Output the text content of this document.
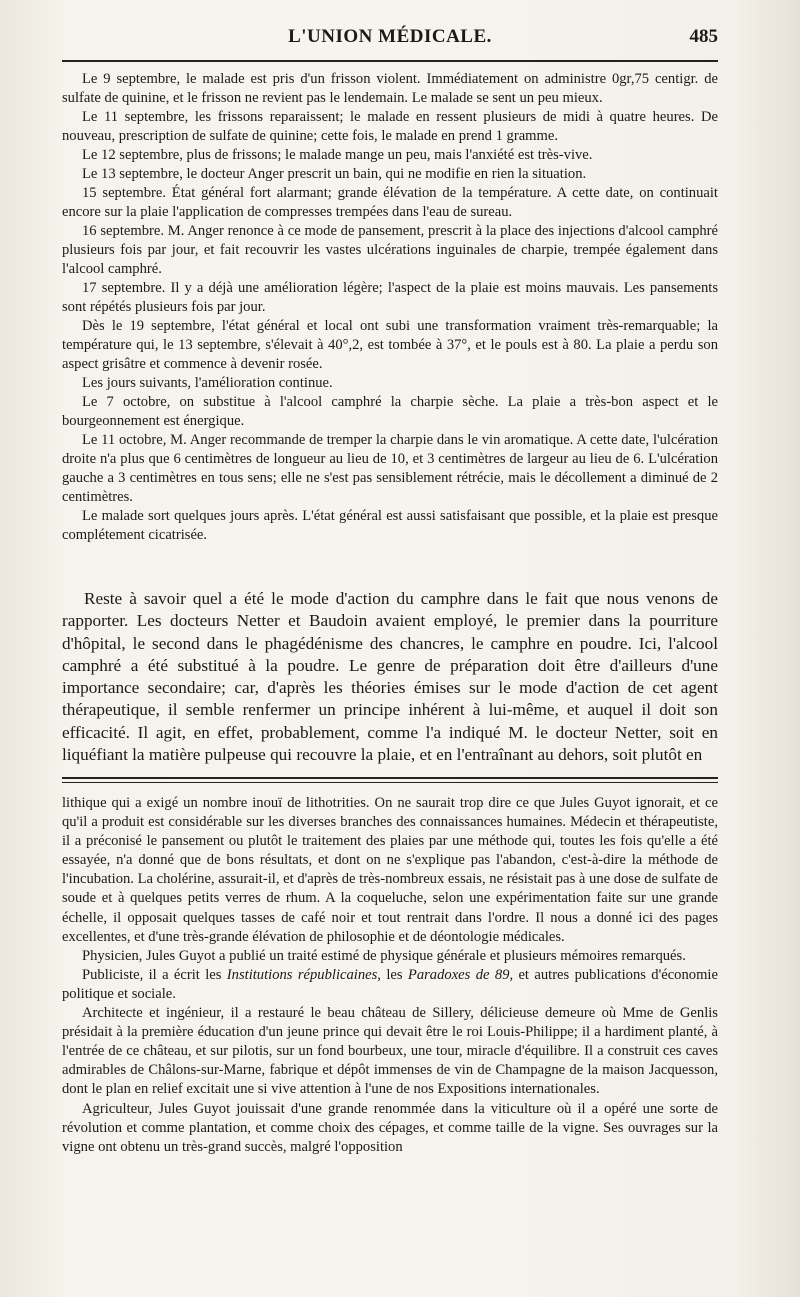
L'UNION MÉDICALE.	485

Le 9 septembre, le malade est pris d'un frisson violent. Immédiatement on administre 0gr,75 centigr. de sulfate de quinine, et le frisson ne revient pas le lendemain. Le malade se sent un peu mieux.

Le 11 septembre, les frissons reparaissent; le malade en ressent plusieurs de midi à quatre heures. De nouveau, prescription de sulfate de quinine; cette fois, le malade en prend 1 gramme.

Le 12 septembre, plus de frissons; le malade mange un peu, mais l'anxiété est très-vive.

Le 13 septembre, le docteur Anger prescrit un bain, qui ne modifie en rien la situation.

15 septembre. État général fort alarmant; grande élévation de la température. A cette date, on continuait encore sur la plaie l'application de compresses trempées dans l'eau de sureau.

16 septembre. M. Anger renonce à ce mode de pansement, prescrit à la place des injections d'alcool camphré plusieurs fois par jour, et fait recouvrir les vastes ulcérations inguinales de charpie, trempée également dans l'alcool camphré.

17 septembre. Il y a déjà une amélioration légère; l'aspect de la plaie est moins mauvais. Les pansements sont répétés plusieurs fois par jour.

Dès le 19 septembre, l'état général et local ont subi une transformation vraiment très-remarquable; la température qui, le 13 septembre, s'élevait à 40°,2, est tombée à 37°, et le pouls est à 80. La plaie a perdu son aspect grisâtre et commence à devenir rosée.

Les jours suivants, l'amélioration continue.

Le 7 octobre, on substitue à l'alcool camphré la charpie sèche. La plaie a très-bon aspect et le bourgeonnement est énergique.

Le 11 octobre, M. Anger recommande de tremper la charpie dans le vin aromatique. A cette date, l'ulcération droite n'a plus que 6 centimètres de longueur au lieu de 10, et 3 centimètres de largeur au lieu de 6. L'ulcération gauche a 3 centimètres en tous sens; elle ne s'est pas sensiblement rétrécie, mais le décollement a diminué de 2 centimètres.

Le malade sort quelques jours après. L'état général est aussi satisfaisant que possible, et la plaie est presque complétement cicatrisée.

Reste à savoir quel a été le mode d'action du camphre dans le fait que nous venons de rapporter. Les docteurs Netter et Baudoin avaient employé, le premier dans la pourriture d'hôpital, le second dans le phagédénisme des chancres, le camphre en poudre. Ici, l'alcool camphré a été substitué à la poudre. Le genre de préparation doit être d'ailleurs d'une importance secondaire; car, d'après les théories émises sur le mode d'action de cet agent thérapeutique, il semble renfermer un principe inhérent à lui-même, et auquel il doit son efficacité. Il agit, en effet, probablement, comme l'a indiqué M. le docteur Netter, soit en liquéfiant la matière pulpeuse qui recouvre la plaie, et en l'entraînant au dehors, soit plutôt en

lithique qui a exigé un nombre inouï de lithotrities. On ne saurait trop dire ce que Jules Guyot ignorait, et ce qu'il a produit est considérable sur les diverses branches des connaissances humaines. Médecin et thérapeutiste, il a préconisé le pansement ou plutôt le traitement des plaies par une méthode qui, toutes les fois qu'elle a été essayée, n'a donné que de bons résultats, et dont on ne s'explique pas l'abandon, c'est-à-dire la méthode de l'incubation. La cholérine, assurait-il, et d'après de très-nombreux essais, ne résistait pas à une dose de sulfate de soude et à quelques petits verres de rhum. A la coqueluche, selon une expérimentation faite sur une grande échelle, il opposait quelques tasses de café noir et tout rentrait dans l'ordre. Il nous a donné ici des pages excellentes, et d'une très-grande élévation de philosophie et de déontologie médicales.

Physicien, Jules Guyot a publié un traité estimé de physique générale et plusieurs mémoires remarqués.

Publiciste, il a écrit les Institutions républicaines, les Paradoxes de 89, et autres publications d'économie politique et sociale.

Architecte et ingénieur, il a restauré le beau château de Sillery, délicieuse demeure où Mme de Genlis présidait à la première éducation d'un jeune prince qui devait être le roi Louis-Philippe; il a hardiment planté, à l'entrée de ce château, et sur pilotis, sur un fond bourbeux, une tour, miracle d'équilibre. Il a construit ces caves admirables de Châlons-sur-Marne, fabrique et dépôt immenses de vin de Champagne de la maison Jacquesson, dont le plan en relief excitait une si vive attention à l'une de nos Expositions internationales.

Agriculteur, Jules Guyot jouissait d'une grande renommée dans la viticulture où il a opéré une sorte de révolution et comme plantation, et comme choix des cépages, et comme taille de la vigne. Ses ouvrages sur la vigne ont obtenu un très-grand succès, malgré l'opposition
